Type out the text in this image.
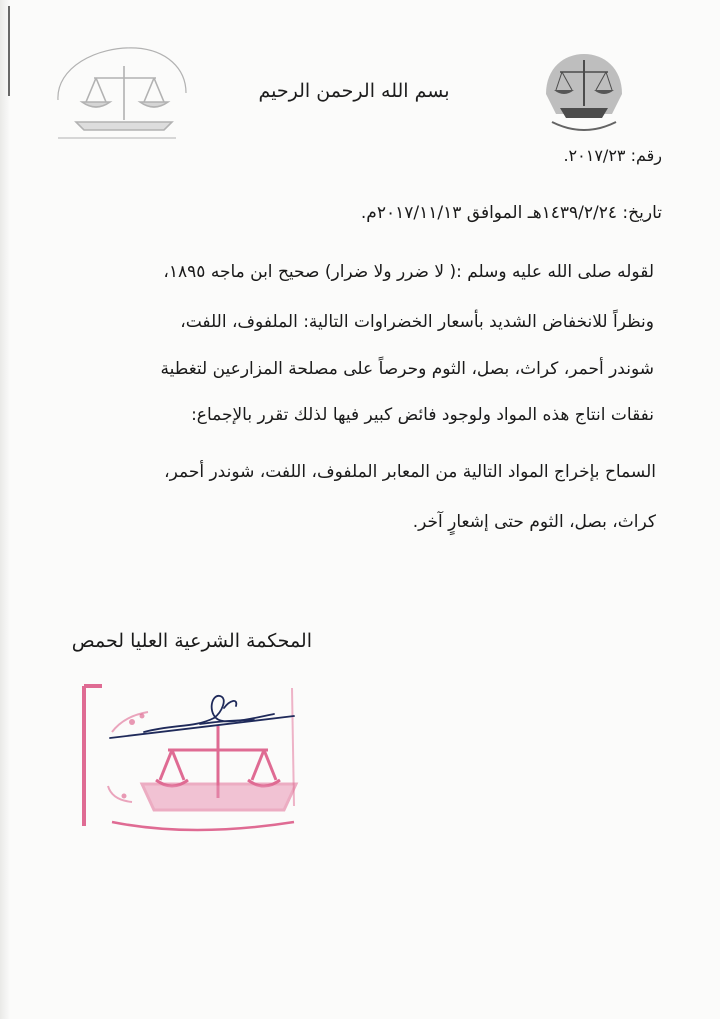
بسم الله الرحمن الرحيم
رقم: ٢٠١٧/٢٣.
تاريخ: ١٤٣٩/٢/٢٤هـ الموافق ٢٠١٧/١١/١٣م.
لقوله صلى الله عليه وسلم :( لا ضرر ولا ضرار) صحيح ابن ماجه ١٨٩٥،
ونظراً للانخفاض الشديد بأسعار الخضراوات التالية: الملفوف، اللفت،
شوندر أحمر، كراث، بصل، الثوم وحرصاً على مصلحة المزارعين لتغطية
نفقات انتاج هذه المواد ولوجود فائض كبير فيها لذلك تقرر بالإجماع:
السماح بإخراج المواد التالية من المعابر الملفوف، اللفت، شوندر أحمر،
كراث، بصل، الثوم حتى إشعارٍ آخر.
المحكمة الشرعية العليا لحمص
